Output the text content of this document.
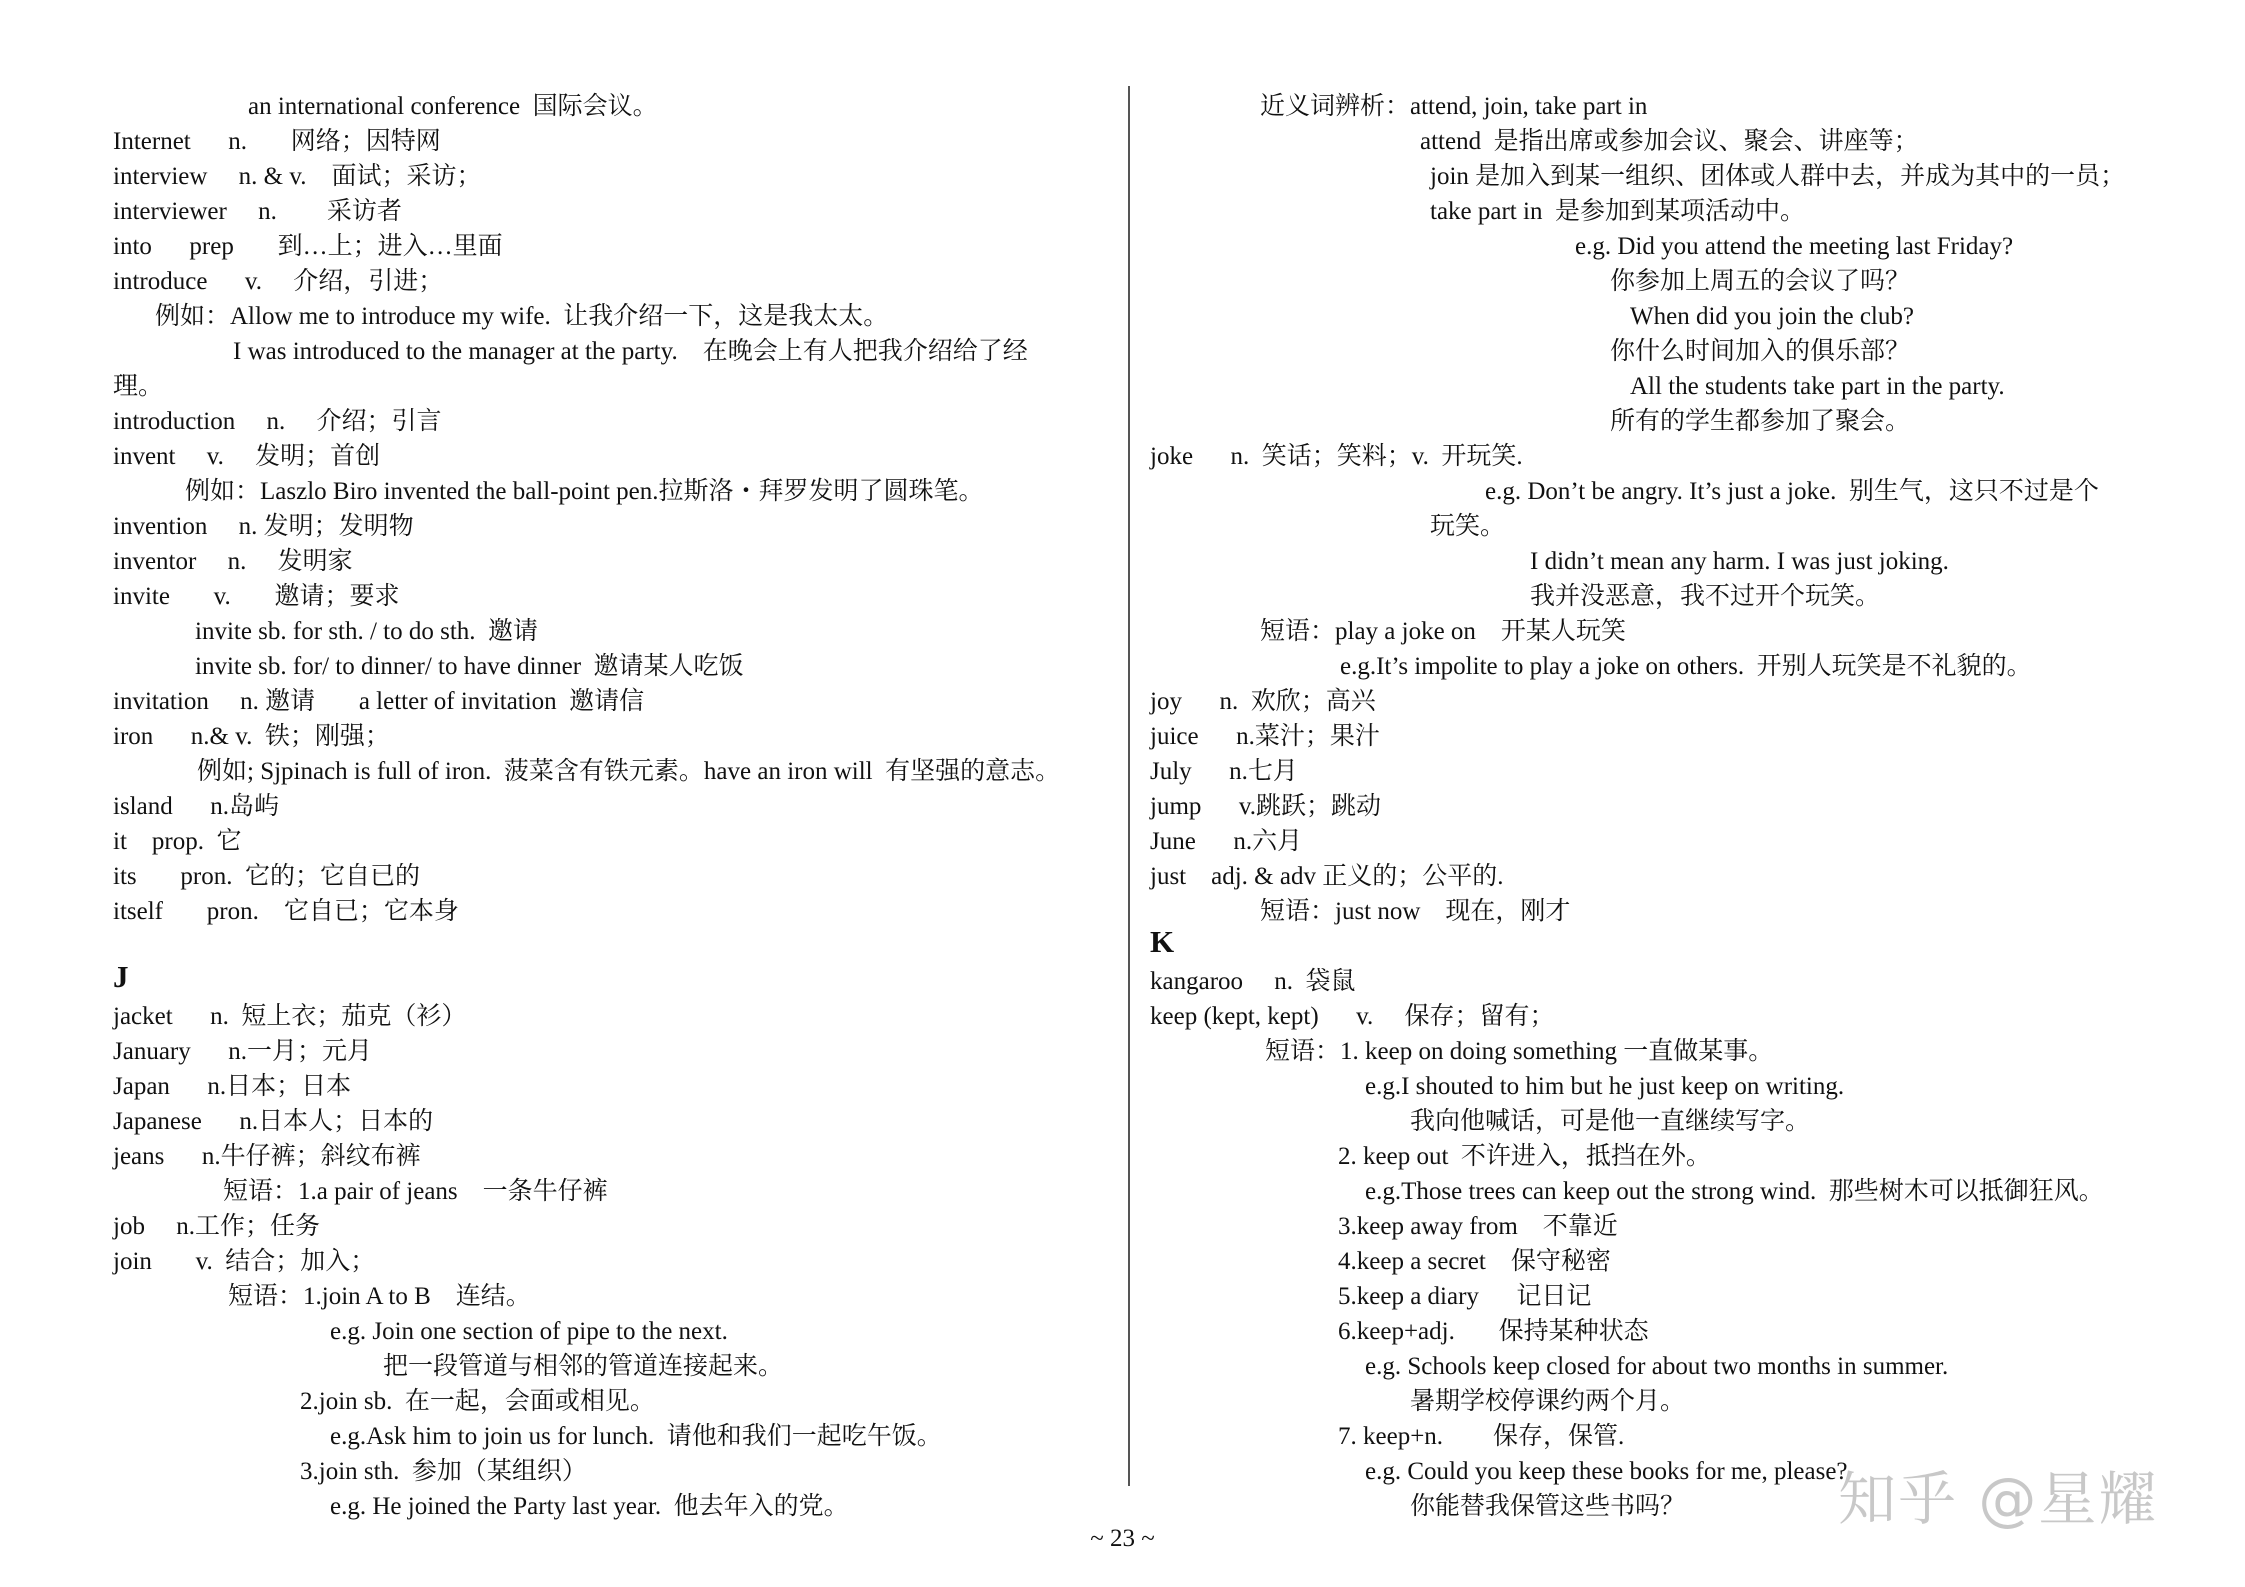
an international conference  国际会议。
Internet      n.       网络；因特网
interview     n. & v.    面试；采访；
interviewer     n.        采访者
into      prep       到…上；进入…里面
introduce      v.     介绍，引进；
例如：Allow me to introduce my wife.  让我介绍一下，这是我太太。
I was introduced to the manager at the party.    在晚会上有人把我介绍给了经
理。
introduction     n.     介绍；引言
invent     v.     发明；首创
例如：Laszlo Biro invented the ball-point pen.拉斯洛・拜罗发明了圆珠笔。
invention     n. 发明；发明物
inventor     n.     发明家
invite       v.       邀请；要求
invite sb. for sth. / to do sth.  邀请
invite sb. for/ to dinner/ to have dinner  邀请某人吃饭
invitation     n. 邀请       a letter of invitation  邀请信
iron      n.& v.  铁；刚强；
例如; Sjpinach is full of iron.  菠菜含有铁元素。have an iron will  有坚强的意志。
island      n.岛屿
it    prop.  它
its       pron.  它的；它自已的
itself       pron.    它自已；它本身
J
jacket      n.  短上衣；茄克（衫）
January      n.一月；元月
Japan      n.日本；日本
Japanese      n.日本人；日本的
jeans      n.牛仔裤；斜纹布裤
短语：1.a pair of jeans    一条牛仔裤
job     n.工作；任务
join       v.  结合；加入；
短语：1.join A to B    连结。
e.g. Join one section of pipe to the next.
把一段管道与相邻的管道连接起来。
2.join sb.  在一起，会面或相见。
e.g.Ask him to join us for lunch.  请他和我们一起吃午饭。
3.join sth.  参加（某组织）
e.g. He joined the Party last year.  他去年入的党。
近义词辨析：attend, join, take part in
attend  是指出席或参加会议、聚会、讲座等；
join 是加入到某一组织、团体或人群中去，并成为其中的一员；
take part in  是参加到某项活动中。
e.g. Did you attend the meeting last Friday?
你参加上周五的会议了吗？
When did you join the club?
你什么时间加入的俱乐部？
All the students take part in the party.
所有的学生都参加了聚会。
joke      n.  笑话；笑料；v.  开玩笑.
e.g. Don’t be angry. It’s just a joke.  别生气，这只不过是个
玩笑。
I didn’t mean any harm. I was just joking.
我并没恶意，我不过开个玩笑。
短语：play a joke on    开某人玩笑
e.g.It’s impolite to play a joke on others.  开别人玩笑是不礼貌的。
joy      n.  欢欣；高兴
juice      n.菜汁；果汁
July      n.七月
jump      v.跳跃；跳动
June      n.六月
just    adj. & adv 正义的；公平的.
短语：just now    现在，刚才
K
kangaroo     n.  袋鼠
keep (kept, kept)      v.     保存；留有；
短语：1. keep on doing something 一直做某事。
e.g.I shouted to him but he just keep on writing.
我向他喊话，可是他一直继续写字。
2. keep out  不许进入，抵挡在外。
e.g.Those trees can keep out the strong wind.  那些树木可以抵御狂风。
3.keep away from    不靠近
4.keep a secret    保守秘密
5.keep a diary      记日记
6.keep+adj.       保持某种状态
e.g. Schools keep closed for about two months in summer.
暑期学校停课约两个月。
7. keep+n.        保存，保管.
e.g. Could you keep these books for me, please?
你能替我保管这些书吗？
~ 23 ~
知乎 @星耀
